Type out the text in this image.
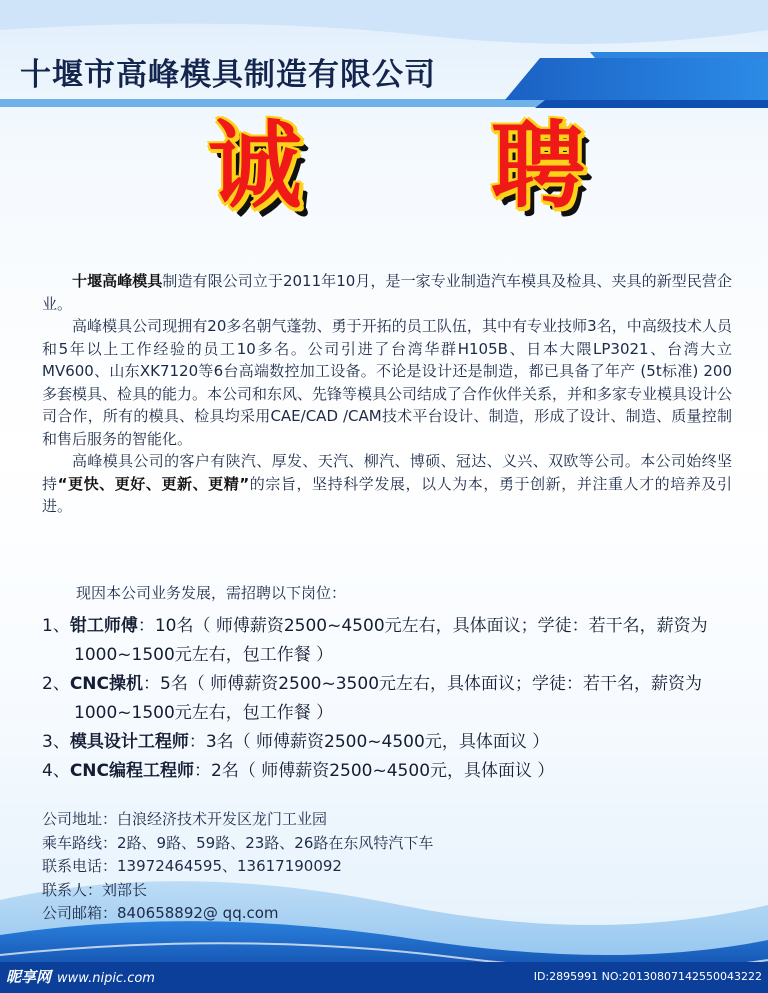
十堰市高峰模具制造有限公司
诚 聘

十堰高峰模具制造有限公司立于2011年10月，是一家专业制造汽车模具及检具、夹具的新型民营企业。

高峰模具公司现拥有20多名朝气蓬勃、勇于开拓的员工队伍，其中有专业技师3名，中高级技术人员和5年以上工作经验的员工10多名。公司引进了台湾华群H105B、日本大隈LP3021、台湾大立MV600、山东XK7120等6台高端数控加工设备。不论是设计还是制造，都已具备了年产 (5t标准) 200多套模具、检具的能力。本公司和东风、先锋等模具公司结成了合作伙伴关系，并和多家专业模具设计公司合作，所有的模具、检具均采用CAE/CAD /CAM技术平台设计、制造，形成了设计、制造、质量控制和售后服务的智能化。

高峰模具公司的客户有陕汽、厚发、天汽、柳汽、博硕、冠达、义兴、双欧等公司。本公司始终坚持“更快、更好、更新、更精”的宗旨，坚持科学发展，以人为本，勇于创新，并注重人才的培养及引进。

现因本公司业务发展，需招聘以下岗位：

1、钳工师傅：10名（ 师傅薪资2500~4500元左右，具体面议；学徒：若干名，薪资为1000~1500元左右，包工作餐 ）

2、CNC操机：5名（ 师傅薪资2500~3500元左右，具体面议；学徒：若干名，薪资为1000~1500元左右，包工作餐 ）

3、模具设计工程师：3名（ 师傅薪资2500~4500元，具体面议 ）

4、CNC编程工程师：2名（ 师傅薪资2500~4500元，具体面议 ）

公司地址：白浪经济技术开发区龙门工业园
乘车路线：2路、9路、59路、23路、26路在东风特汽下车
联系电话：13972464595、13617190092
联系人：刘部长
公司邮箱：840658892@ qq.com
昵享网 www.nipic.com	ID:2895991 NO:20130807142550043222
